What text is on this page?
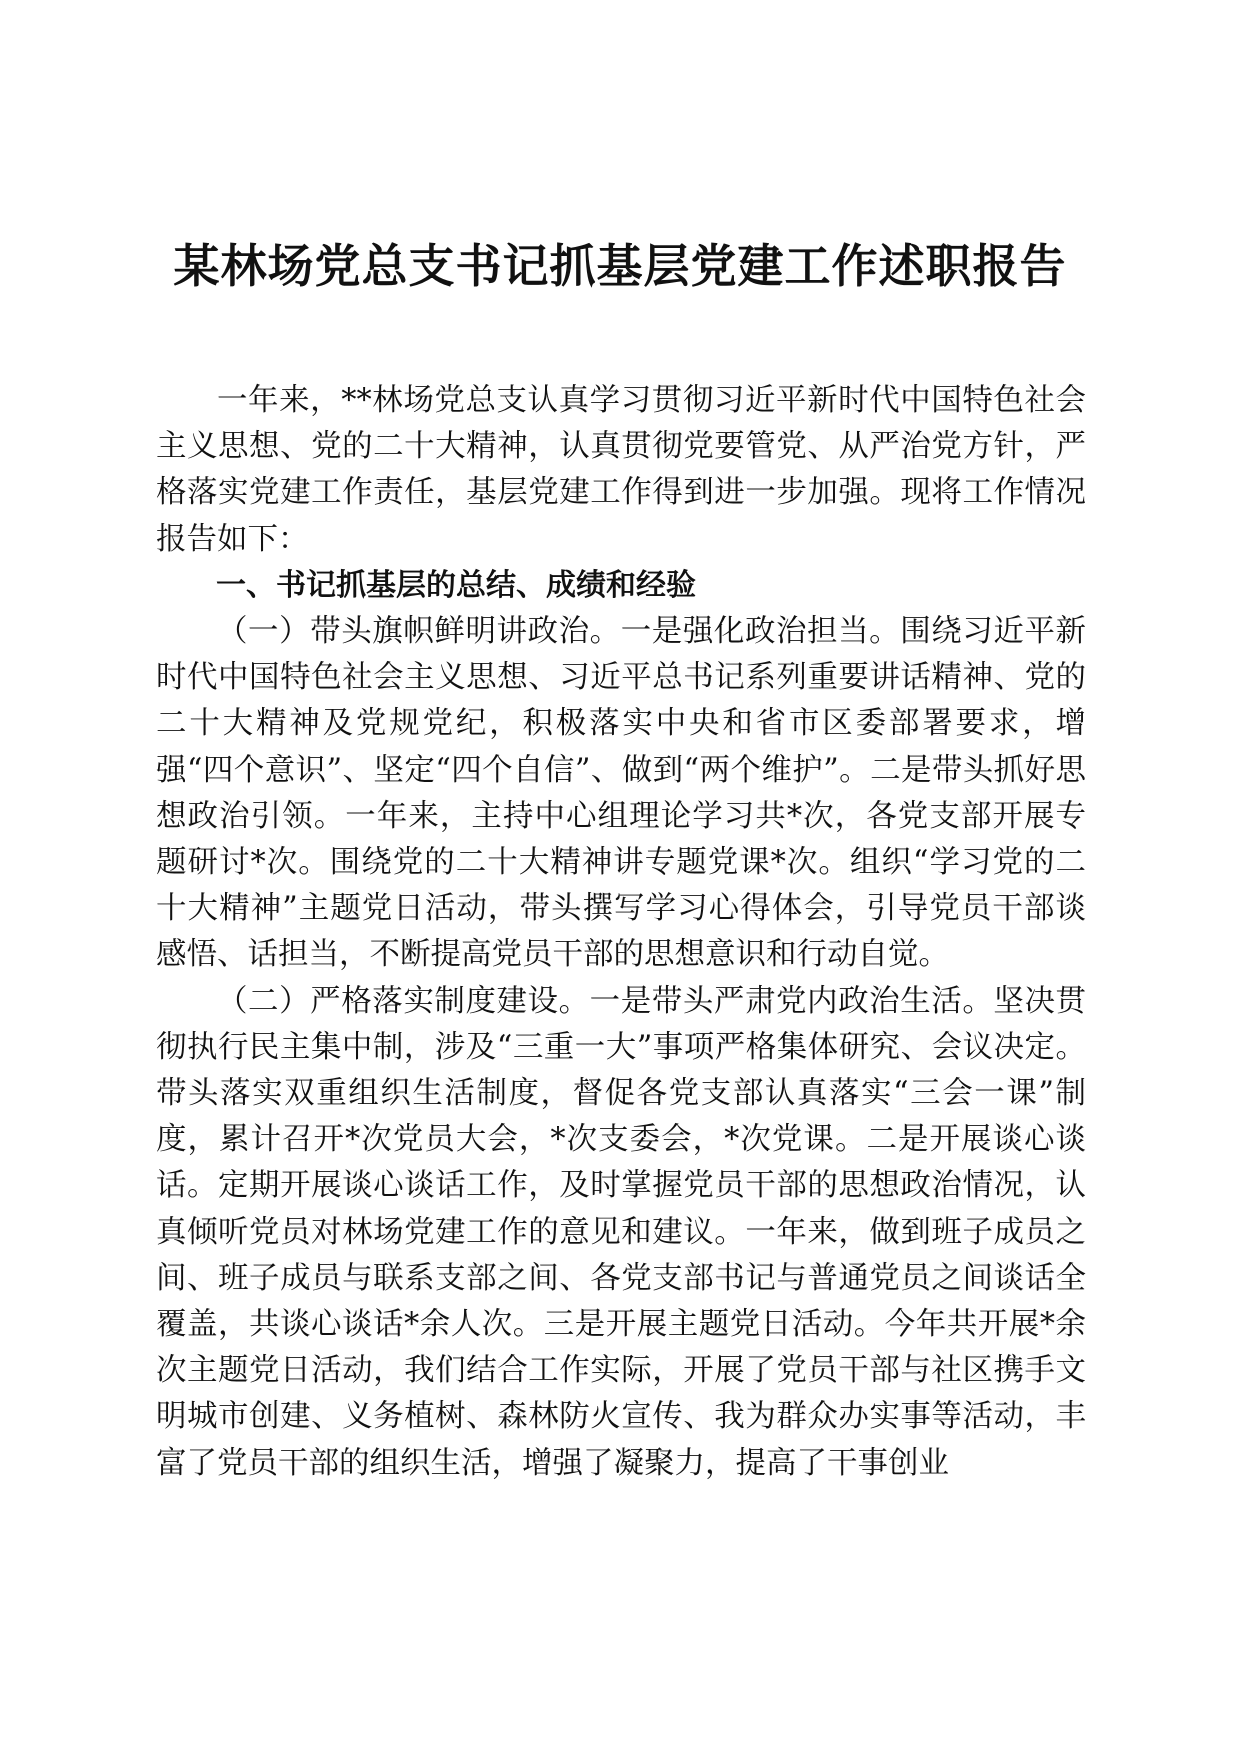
某林场党总支书记抓基层党建工作述职报告

一年来，**林场党总支认真学习贯彻习近平新时代中国特色社会主义思想、党的二十大精神，认真贯彻党要管党、从严治党方针，严格落实党建工作责任，基层党建工作得到进一步加强。现将工作情况报告如下：

一、书记抓基层的总结、成绩和经验

（一）带头旗帜鲜明讲政治。一是强化政治担当。围绕习近平新时代中国特色社会主义思想、习近平总书记系列重要讲话精神、党的二十大精神及党规党纪，积极落实中央和省市区委部署要求，增强“四个意识”、坚定“四个自信”、做到“两个维护”。二是带头抓好思想政治引领。一年来，主持中心组理论学习共*次，各党支部开展专题研讨*次。围绕党的二十大精神讲专题党课*次。组织“学习党的二十大精神”主题党日活动，带头撰写学习心得体会，引导党员干部谈感悟、话担当，不断提高党员干部的思想意识和行动自觉。

（二）严格落实制度建设。一是带头严肃党内政治生活。坚决贯彻执行民主集中制，涉及“三重一大”事项严格集体研究、会议决定。带头落实双重组织生活制度，督促各党支部认真落实“三会一课”制度，累计召开*次党员大会，*次支委会，*次党课。二是开展谈心谈话。定期开展谈心谈话工作，及时掌握党员干部的思想政治情况，认真倾听党员对林场党建工作的意见和建议。一年来，做到班子成员之间、班子成员与联系支部之间、各党支部书记与普通党员之间谈话全覆盖，共谈心谈话*余人次。三是开展主题党日活动。今年共开展*余次主题党日活动，我们结合工作实际，开展了党员干部与社区携手文明城市创建、义务植树、森林防火宣传、我为群众办实事等活动，丰富了党员干部的组织生活，增强了凝聚力，提高了干事创业
